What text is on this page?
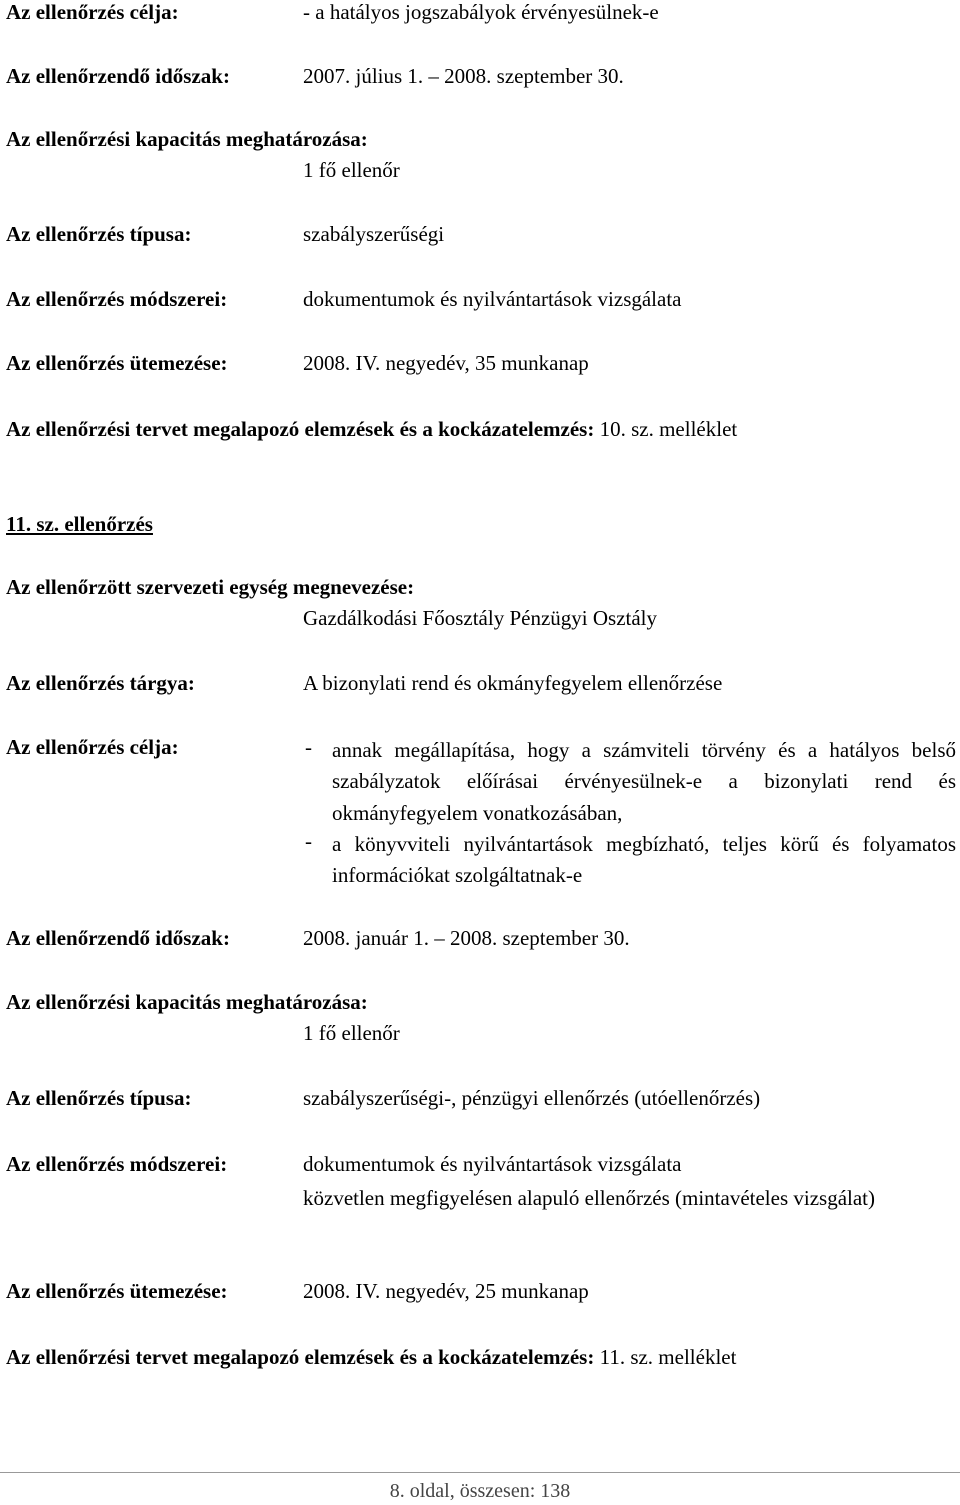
Az ellenőrzés célja:	- a hatályos jogszabályok érvényesülnek-e
Az ellenőrzendő időszak:	2007. július 1. – 2008. szeptember 30.
Az ellenőrzési kapacitás meghatározása:
1 fő ellenőr
Az ellenőrzés típusa:	szabályszerűségi
Az ellenőrzés módszerei:	dokumentumok és nyilvántartások vizsgálata
Az ellenőrzés ütemezése:	2008. IV. negyedév, 35 munkanap
Az ellenőrzési tervet megalapozó elemzések és a kockázatelemzés: 10. sz. melléklet
11. sz. ellenőrzés
Az ellenőrzött szervezeti egység megnevezése:
Gazdálkodási Főosztály Pénzügyi Osztály
Az ellenőrzés tárgya:	A bizonylati rend és okmányfegyelem ellenőrzése
Az ellenőrzés célja:	- annak megállapítása, hogy a számviteli törvény és a hatályos belső szabályzatok előírásai érvényesülnek-e a bizonylati rend és okmányfegyelem vonatkozásában,
- a könyvviteli nyilvántartások megbízható, teljes körű és folyamatos információkat szolgáltatnak-e
Az ellenőrzendő időszak:	2008. január 1. – 2008. szeptember 30.
Az ellenőrzési kapacitás meghatározása:
1 fő ellenőr
Az ellenőrzés típusa:	szabályszerűségi-, pénzügyi ellenőrzés (utóellenőrzés)
Az ellenőrzés módszerei:	dokumentumok és nyilvántartások vizsgálata
közvetlen megfigyelésen alapuló ellenőrzés (mintavételes vizsgálat)
Az ellenőrzés ütemezése:	2008. IV. negyedév, 25 munkanap
Az ellenőrzési tervet megalapozó elemzések és a kockázatelemzés: 11. sz. melléklet
8. oldal, összesen: 138
